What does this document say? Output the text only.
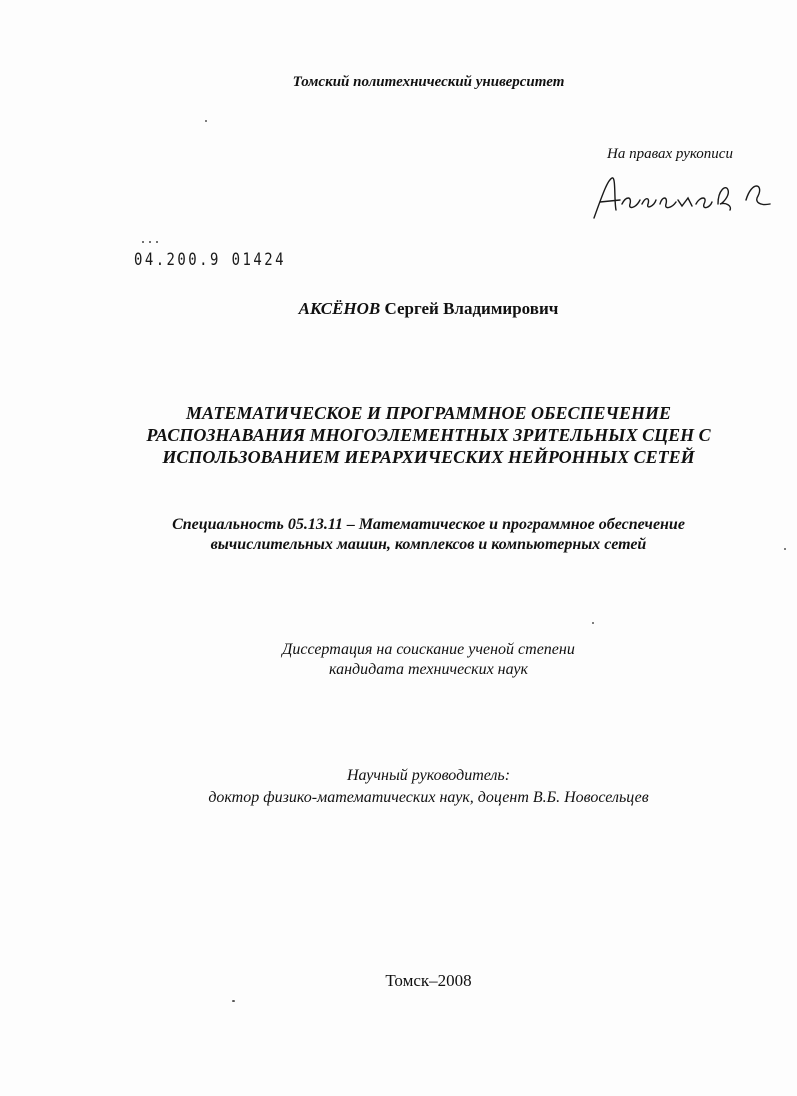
Томский политехнический университет
На правах рукописи
04.200.9 01424
АКСЁНОВ Сергей Владимирович
МАТЕМАТИЧЕСКОЕ И ПРОГРАММНОЕ ОБЕСПЕЧЕНИЕ
РАСПОЗНАВАНИЯ МНОГОЭЛЕМЕНТНЫХ ЗРИТЕЛЬНЫХ СЦЕН С
ИСПОЛЬЗОВАНИЕМ ИЕРАРХИЧЕСКИХ НЕЙРОННЫХ СЕТЕЙ
Специальность 05.13.11 – Математическое и программное обеспечение
вычислительных машин, комплексов и компьютерных сетей
Диссертация на соискание ученой степени
кандидата технических наук
Научный руководитель:
доктор физико-математических наук, доцент В.Б. Новосельцев
Томск–2008
